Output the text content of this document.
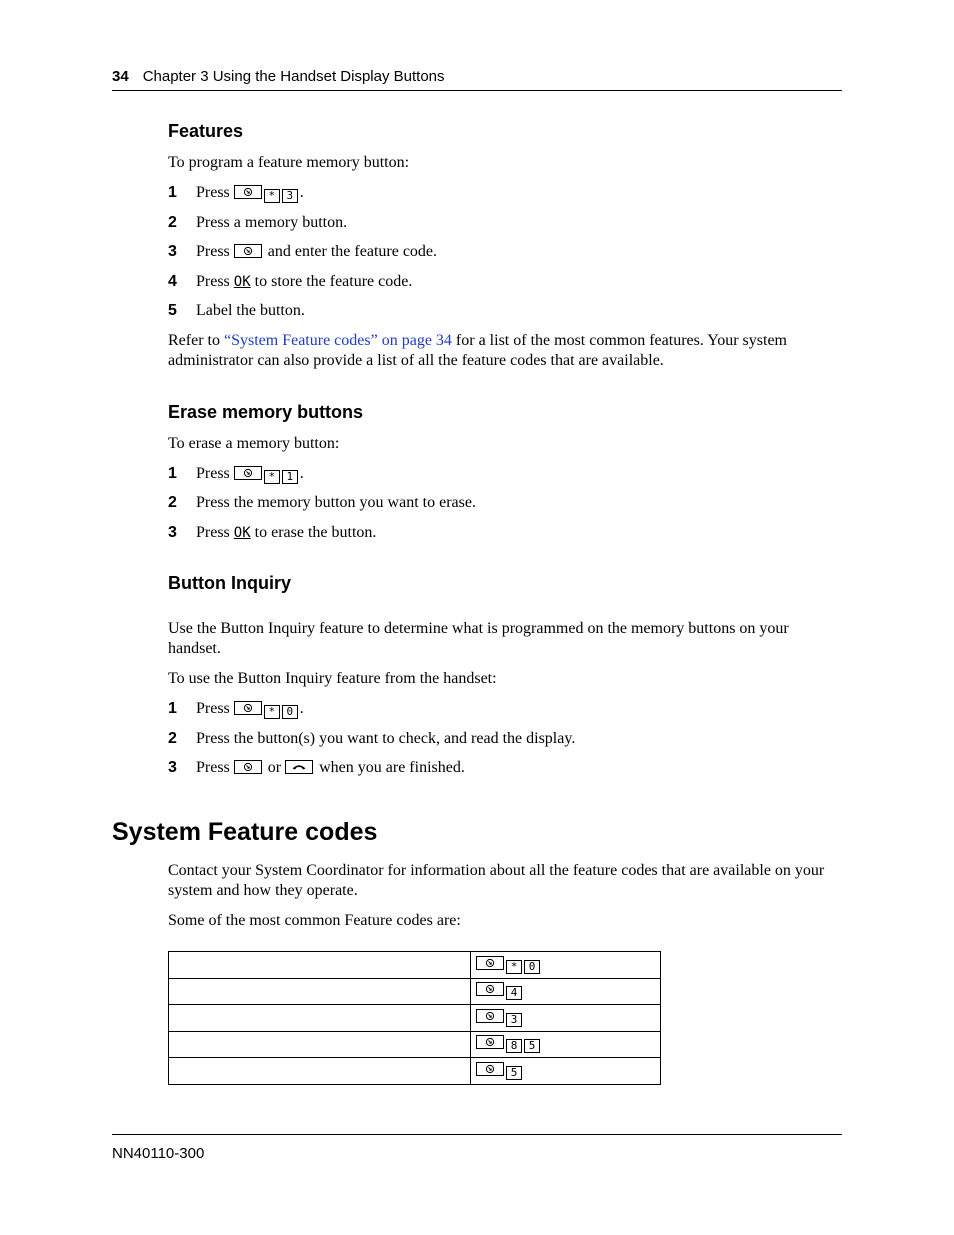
34 Chapter 3 Using the Handset Display Buttons
Features

To program a feature memory button:

1 Press	* 3 .
2 Press a memory button.
3 Press
and enter the feature code.
4 Press OK to store the feature code.
5 Label the button.

Refer to “System Feature codes” on page 34 for a list of the most common features. Your system administrator can also provide a list of all the feature codes that are available.

Erase memory buttons

To erase a memory button:

1 Press	* 1 .
2 Press the memory button you want to erase.
3 Press OK to erase the button.
Button Inquiry

Use the Button Inquiry feature to determine what is programmed on the memory buttons on your handset.

To use the Button Inquiry feature from the handset:

1 Press	* 0 .
2 Press the button(s) you want to check, and read the display.
3 Press
or
when you are finished.
System Feature codes

Contact your System Coordinator for information about all the feature codes that are available on your system and how they operate.

Some of the most common Feature codes are:

* 0

4

3

8 5

5
NN40110-300
